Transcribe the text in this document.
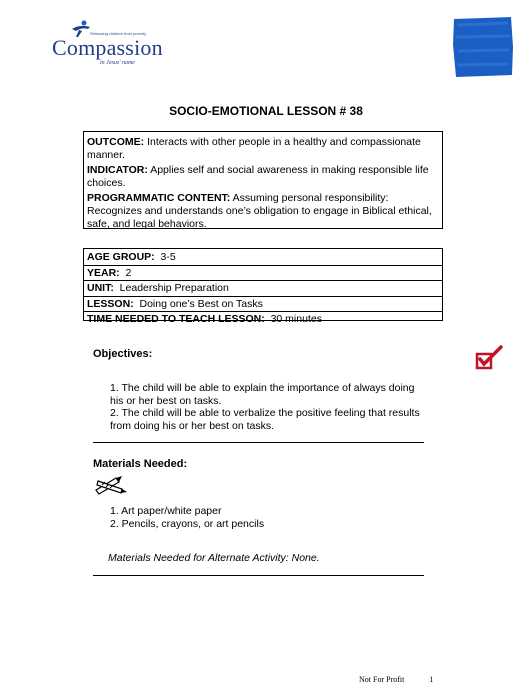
Releasing children from poverty
Compassion
in Jesus' name
SOCIO-EMOTIONAL LESSON # 38

OUTCOME: Interacts with other people in a healthy and compassionate manner.

INDICATOR: Applies self and social awareness in making responsible life choices.

PROGRAMMATIC CONTENT: Assuming personal responsibility: Recognizes and understands one’s obligation to engage in Biblical ethical, safe, and legal behaviors.

AGE GROUP:  3-5
YEAR:  2
UNIT:  Leadership Preparation
LESSON:  Doing one’s Best on Tasks
TIME NEEDED TO TEACH LESSON:  30 minutes
Objectives:
1. The child will be able to explain the importance of always doing his or her best on tasks.
2. The child will be able to verbalize the positive feeling that results from doing his or her best on tasks.
Materials Needed:
1. Art paper/white paper
2. Pencils, crayons, or art pencils
Materials Needed for Alternate Activity: None.
Not For Profit	1
